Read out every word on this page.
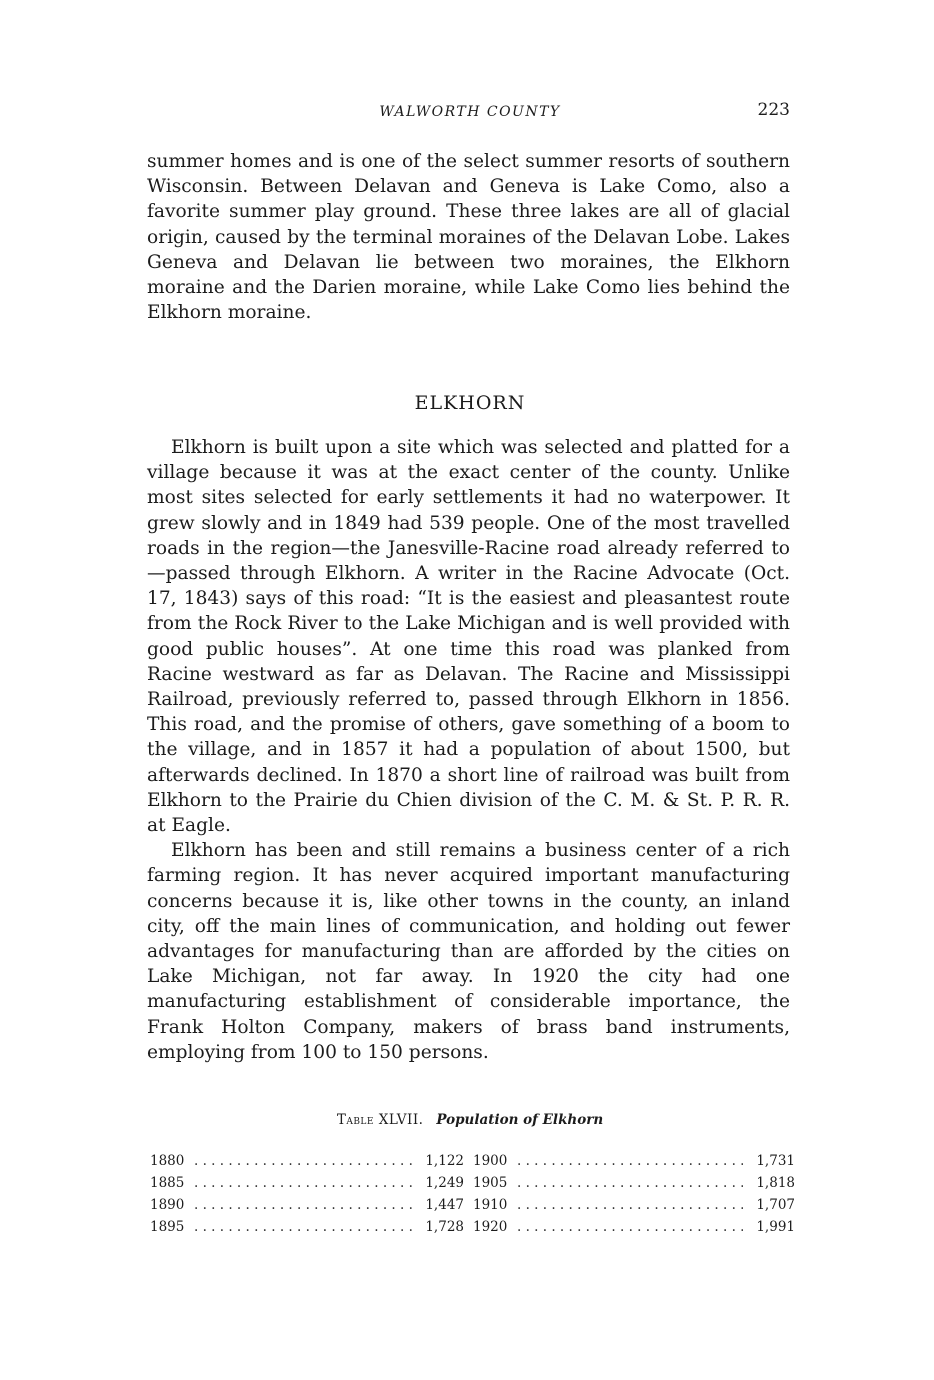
WALWORTH COUNTY	223

summer homes and is one of the select summer resorts of southern Wisconsin. Between Delavan and Geneva is Lake Como, also a favorite summer play ground. These three lakes are all of glacial origin, caused by the terminal moraines of the Delavan Lobe. Lakes Geneva and Delavan lie between two moraines, the Elkhorn moraine and the Darien moraine, while Lake Como lies behind the Elkhorn moraine.

ELKHORN

Elkhorn is built upon a site which was selected and platted for a village because it was at the exact center of the county. Unlike most sites selected for early settlements it had no waterpower. It grew slowly and in 1849 had 539 people. One of the most travelled roads in the region—the Janesville-Racine road already referred to—passed through Elkhorn. A writer in the Racine Advocate (Oct. 17, 1843) says of this road: “It is the easiest and pleasantest route from the Rock River to the Lake Michigan and is well provided with good public houses”. At one time this road was planked from Racine westward as far as Delavan. The Racine and Mississippi Railroad, previously referred to, passed through Elkhorn in 1856. This road, and the promise of others, gave something of a boom to the village, and in 1857 it had a population of about 1500, but afterwards declined. In 1870 a short line of railroad was built from Elkhorn to the Prairie du Chien division of the C. M. & St. P. R. R. at Eagle.

Elkhorn has been and still remains a business center of a rich farming region. It has never acquired important manufacturing concerns because it is, like other towns in the county, an inland city, off the main lines of communication, and holding out fewer advantages for manufacturing than are afforded by the cities on Lake Michigan, not far away. In 1920 the city had one manufacturing establishment of considerable importance, the Frank Holton Company, makers of brass band instruments, employing from 100 to 150 persons.

Table XLVII. Population of Elkhorn
1880 . . .	1,122 1900 . . .	1,731
1885 . . .	1,249 1905 . . .	1,818
1890 . . .	1,447 1910 . . .	1,707
1895 . . .	1,728 1920 . . .	1,991
